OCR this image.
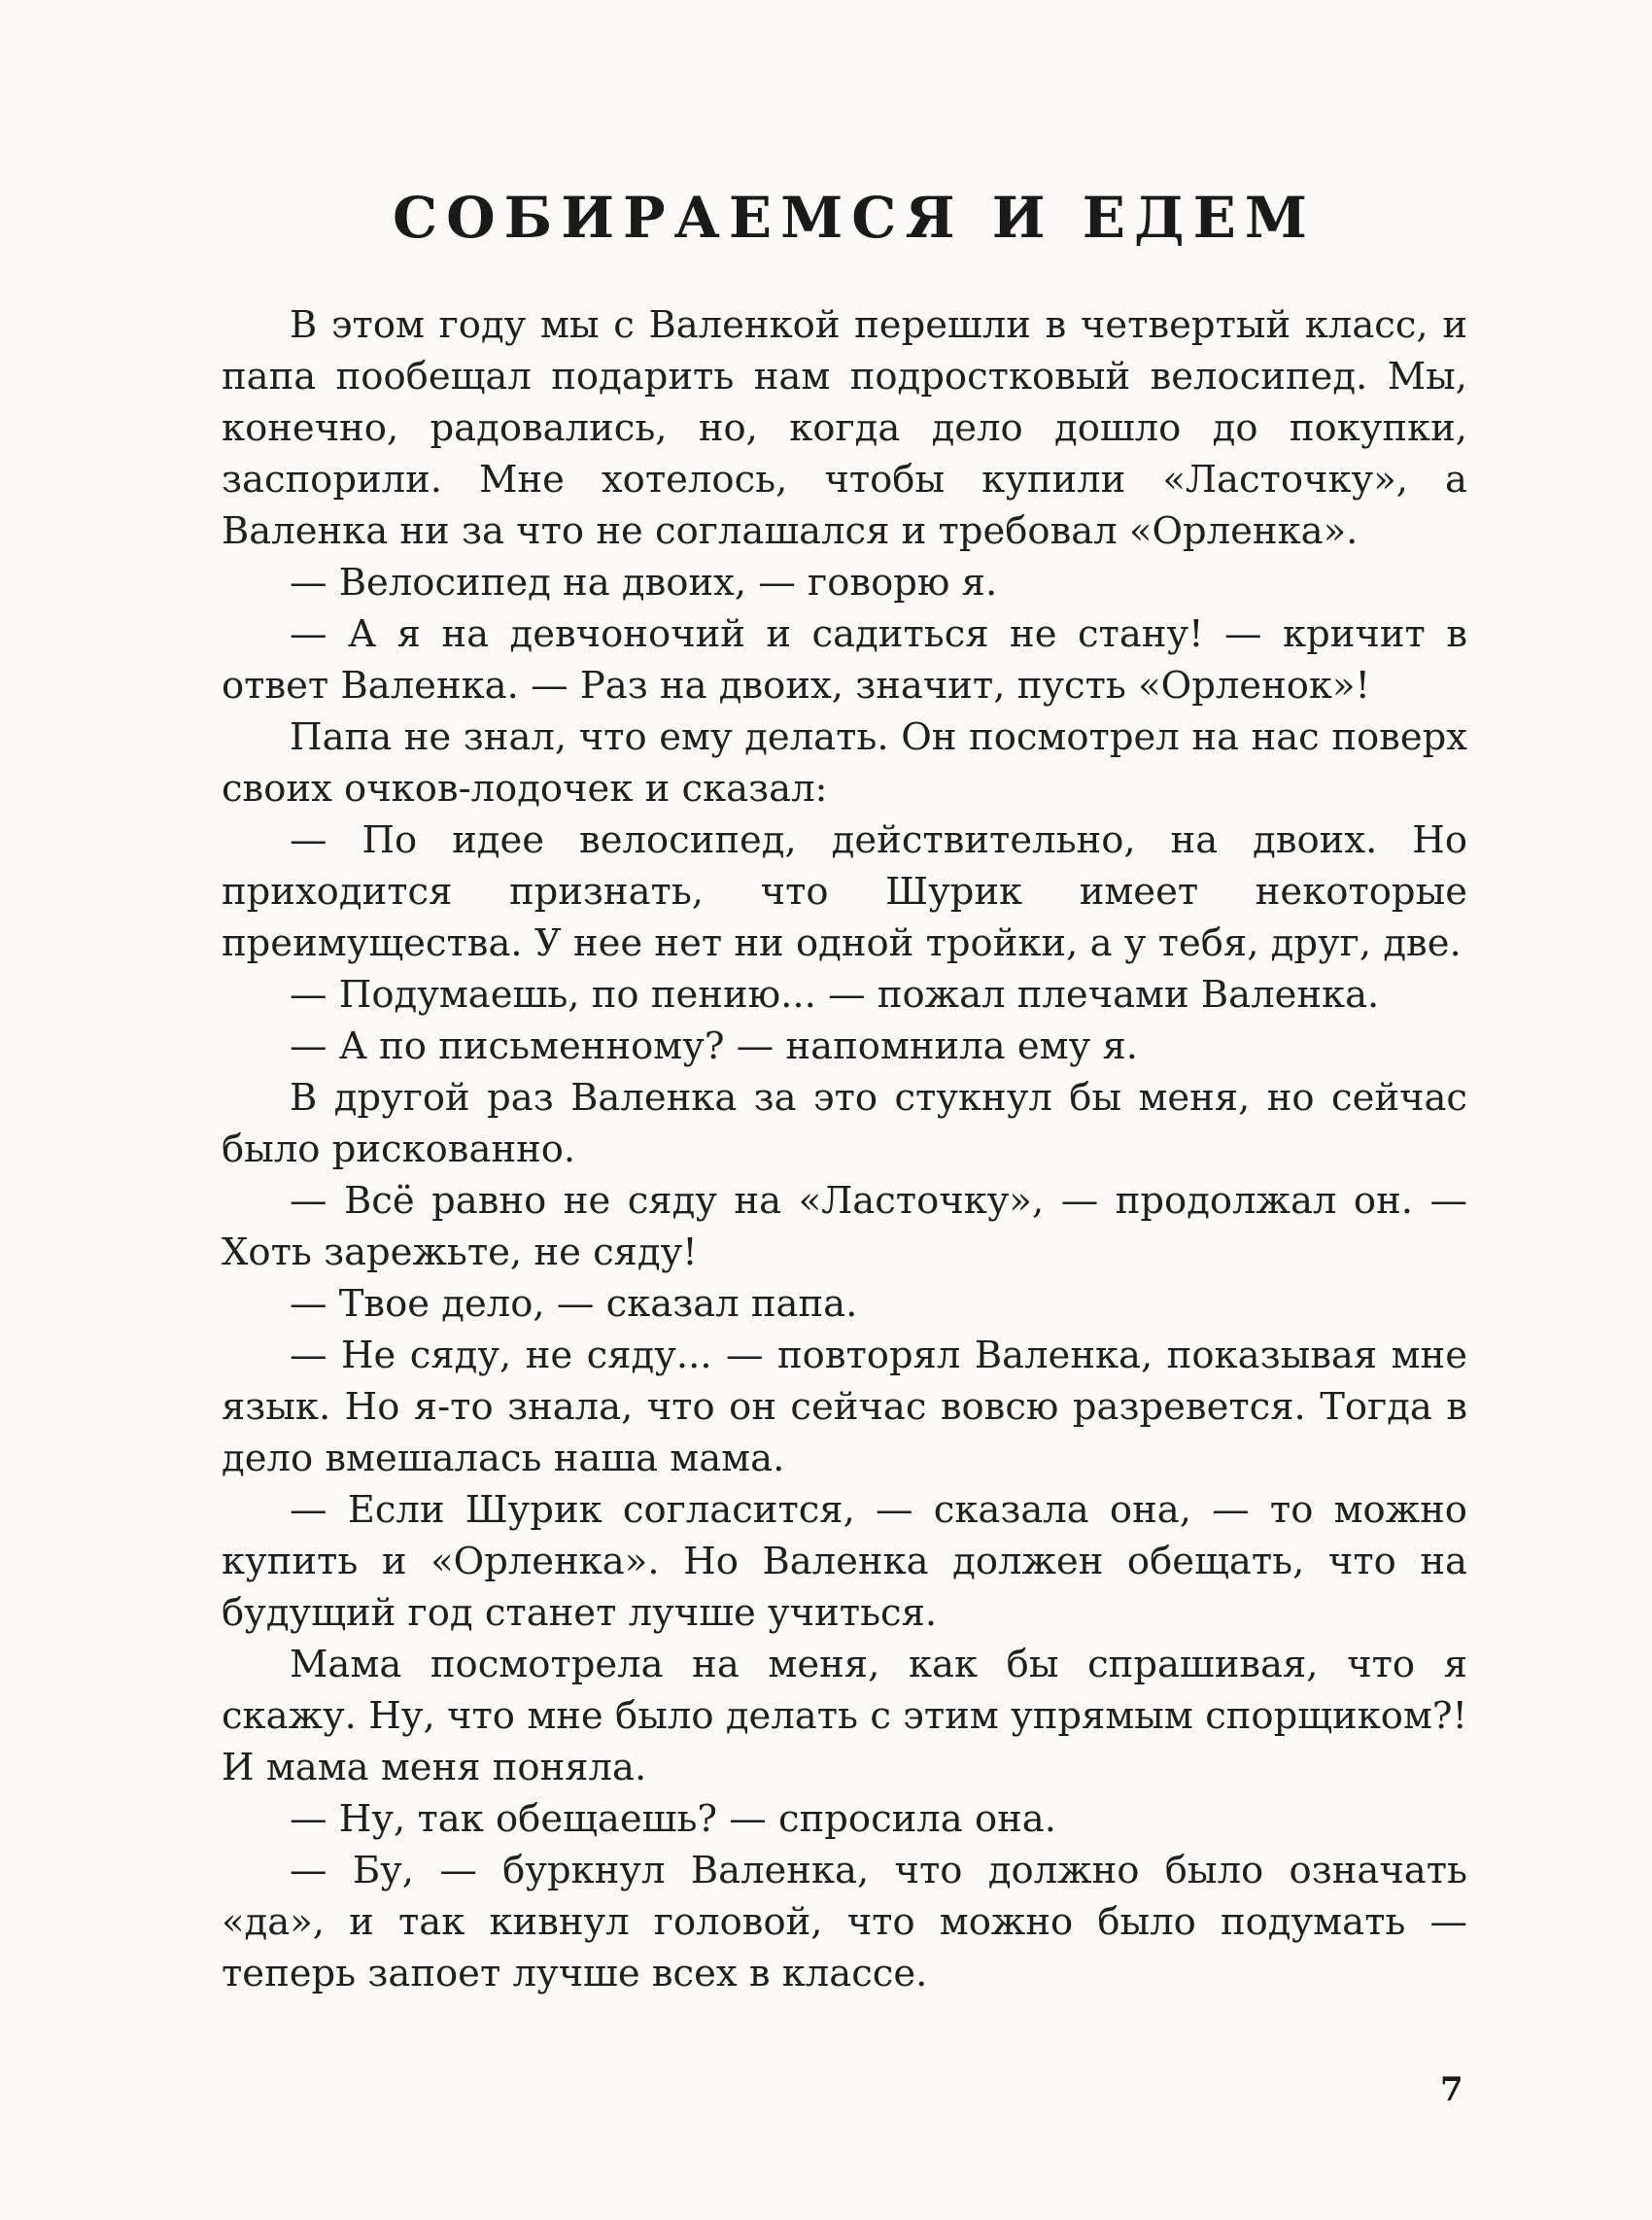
СОБИРАЕМСЯ И ЕДЕМ

В этом году мы с Валенкой перешли в четвертый класс, и папа пообещал подарить нам подростковый велосипед. Мы, конечно, радовались, но, когда дело дошло до покупки, заспорили. Мне хотелось, чтобы купили «Ласточку», а Валенка ни за что не соглашался и требовал «Орленка».

— Велосипед на двоих, — говорю я.

— А я на девчоночий и садиться не стану! — кричит в ответ Валенка. — Раз на двоих, значит, пусть «Орленок»!

Папа не знал, что ему делать. Он посмотрел на нас поверх своих очков-лодочек и сказал:

— По идее велосипед, действительно, на двоих. Но приходится признать, что Шурик имеет некоторые преимущества. У нее нет ни одной тройки, а у тебя, друг, две.

— Подумаешь, по пению... — пожал плечами Валенка.

— А по письменному? — напомнила ему я.

В другой раз Валенка за это стукнул бы меня, но сейчас было рискованно.

— Всё равно не сяду на «Ласточку», — продолжал он. — Хоть зарежьте, не сяду!

— Твое дело, — сказал папа.

— Не сяду, не сяду... — повторял Валенка, показывая мне язык. Но я-то знала, что он сейчас вовсю разревется. Тогда в дело вмешалась наша мама.

— Если Шурик согласится, — сказала она, — то можно купить и «Орленка». Но Валенка должен обещать, что на будущий год станет лучше учиться.

Мама посмотрела на меня, как бы спрашивая, что я скажу. Ну, что мне было делать с этим упрямым спорщиком?! И мама меня поняла.

— Ну, так обещаешь? — спросила она.

— Бу, — буркнул Валенка, что должно было означать «да», и так кивнул головой, что можно было подумать — теперь запоет лучше всех в классе.

7
